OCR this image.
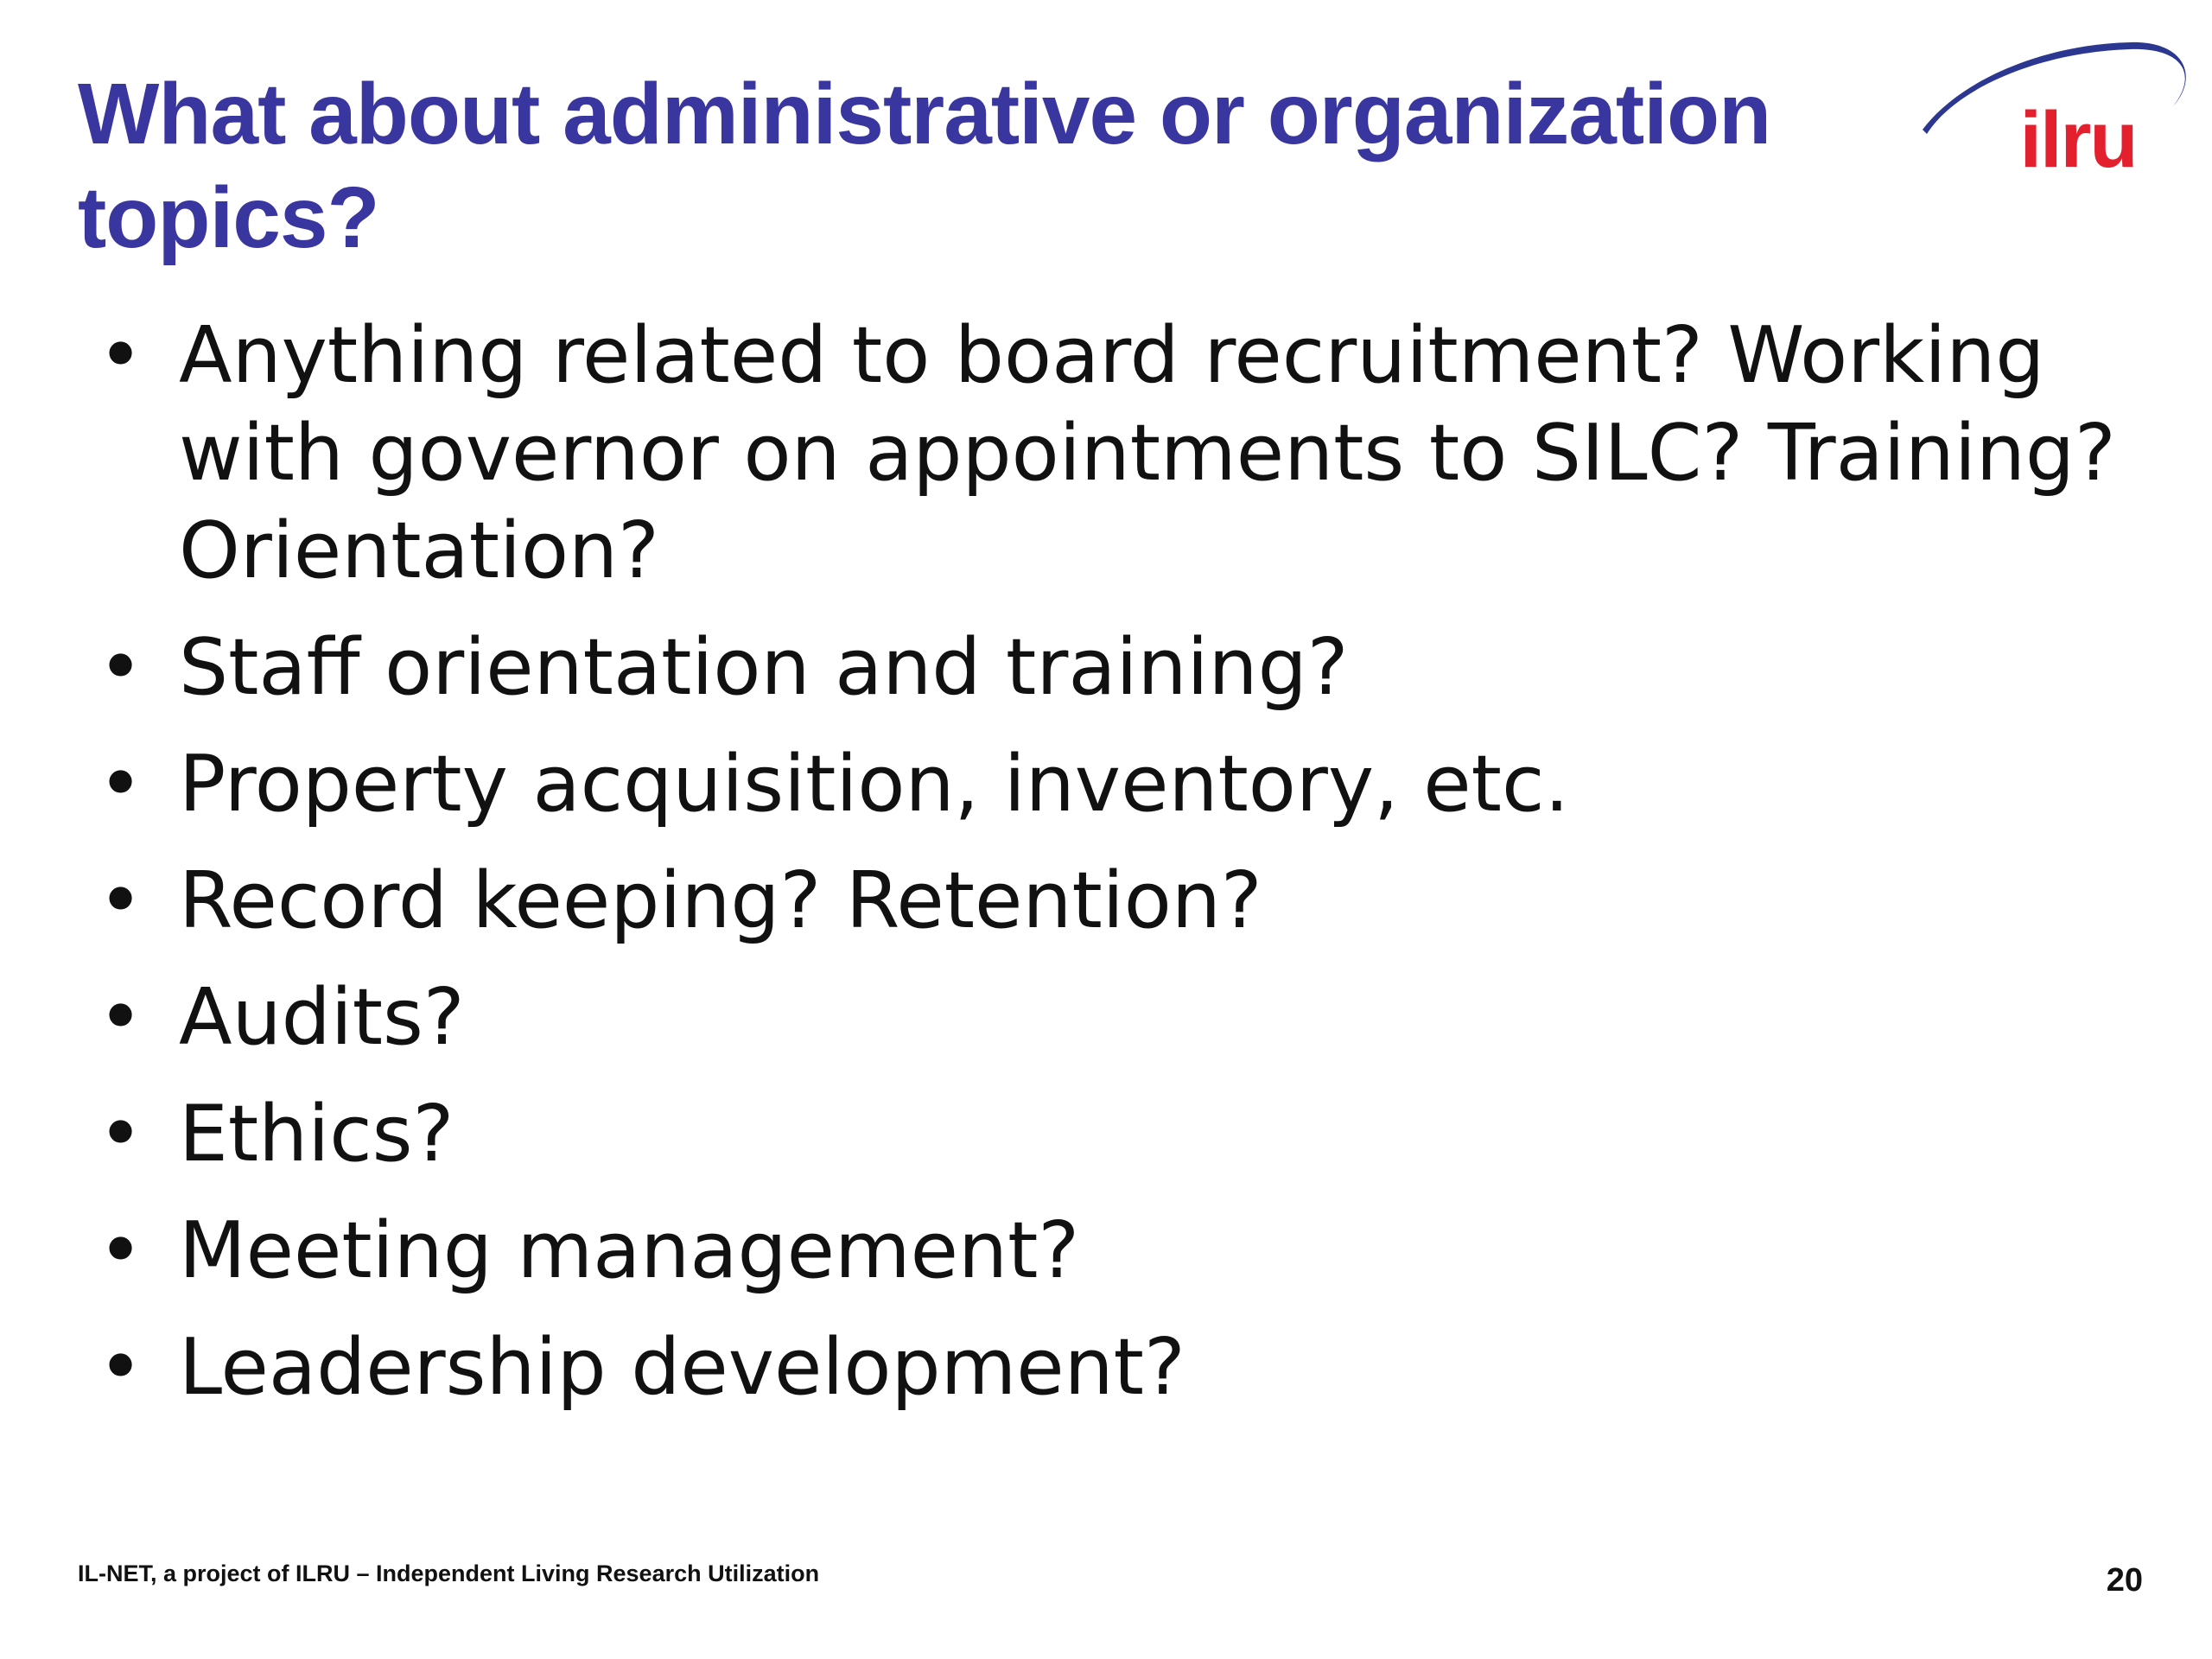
What about administrative or organization topics?
ilru
• Anything related to board recruitment? Working with governor on appointments to SILC? Training? Orientation?
• Staff orientation and training?
• Property acquisition, inventory, etc.
• Record keeping? Retention?
• Audits?
• Ethics?
• Meeting management?
• Leadership development?
IL-NET, a project of ILRU – Independent Living Research Utilization	20
